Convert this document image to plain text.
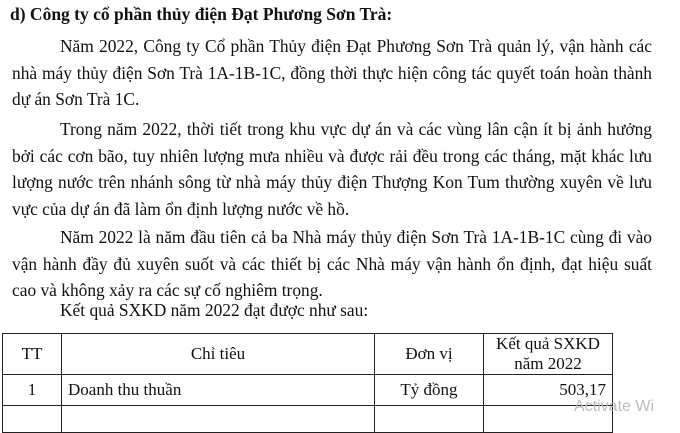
d) Công ty cổ phần thủy điện Đạt Phương Sơn Trà:

Năm 2022, Công ty Cổ phần Thủy điện Đạt Phương Sơn Trà quản lý, vận hành các nhà máy thủy điện Sơn Trà 1A-1B-1C, đồng thời thực hiện công tác quyết toán hoàn thành dự án Sơn Trà 1C.

Trong năm 2022, thời tiết trong khu vực dự án và các vùng lân cận ít bị ảnh hưởng bởi các cơn bão, tuy nhiên lượng mưa nhiều và được rải đều trong các tháng, mặt khác lưu lượng nước trên nhánh sông từ nhà máy thủy điện Thượng Kon Tum thường xuyên về lưu vực của dự án đã làm ổn định lượng nước về hồ.

Năm 2022 là năm đầu tiên cả ba Nhà máy thủy điện Sơn Trà 1A-1B-1C cùng đi vào vận hành đầy đủ xuyên suốt và các thiết bị các Nhà máy vận hành ổn định, đạt hiệu suất cao và không xảy ra các sự cố nghiêm trọng.

Kết quả SXKD năm 2022 đạt được như sau:

TT	Chỉ tiêu	Đơn vị	Kết quả SXKD
năm 2022

1	Doanh thu thuần	Tỷ đồng	503,17

Activate Wi
